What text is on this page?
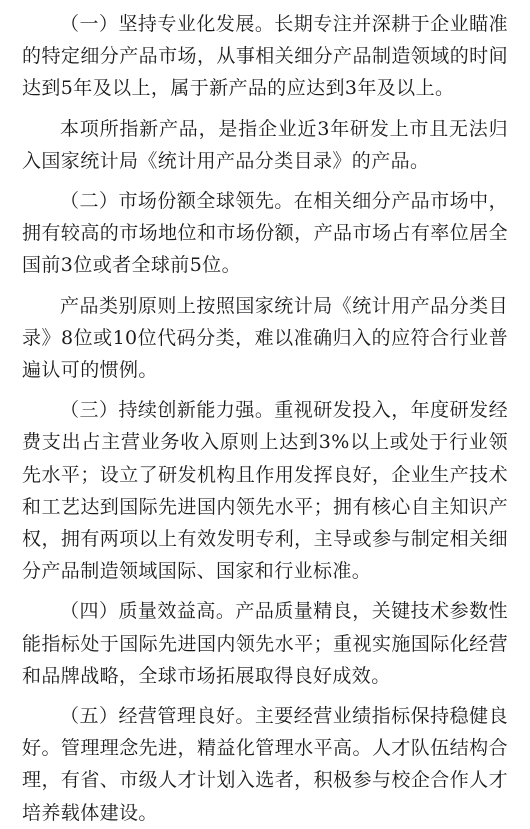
（一）坚持专业化发展。长期专注并深耕于企业瞄准的特定细分产品市场，从事相关细分产品制造领域的时间达到5年及以上，属于新产品的应达到3年及以上。

本项所指新产品，是指企业近3年研发上市且无法归入国家统计局《统计用产品分类目录》的产品。

（二）市场份额全球领先。在相关细分产品市场中，拥有较高的市场地位和市场份额，产品市场占有率位居全国前3位或者全球前5位。

产品类别原则上按照国家统计局《统计用产品分类目录》8位或10位代码分类，难以准确归入的应符合行业普遍认可的惯例。

（三）持续创新能力强。重视研发投入，年度研发经费支出占主营业务收入原则上达到3%以上或处于行业领先水平；设立了研发机构且作用发挥良好，企业生产技术和工艺达到国际先进国内领先水平；拥有核心自主知识产权，拥有两项以上有效发明专利，主导或参与制定相关细分产品制造领域国际、国家和行业标准。

（四）质量效益高。产品质量精良，关键技术参数性能指标处于国际先进国内领先水平；重视实施国际化经营和品牌战略，全球市场拓展取得良好成效。

（五）经营管理良好。主要经营业绩指标保持稳健良好。管理理念先进，精益化管理水平高。人才队伍结构合理，有省、市级人才计划入选者，积极参与校企合作人才培养载体建设。
